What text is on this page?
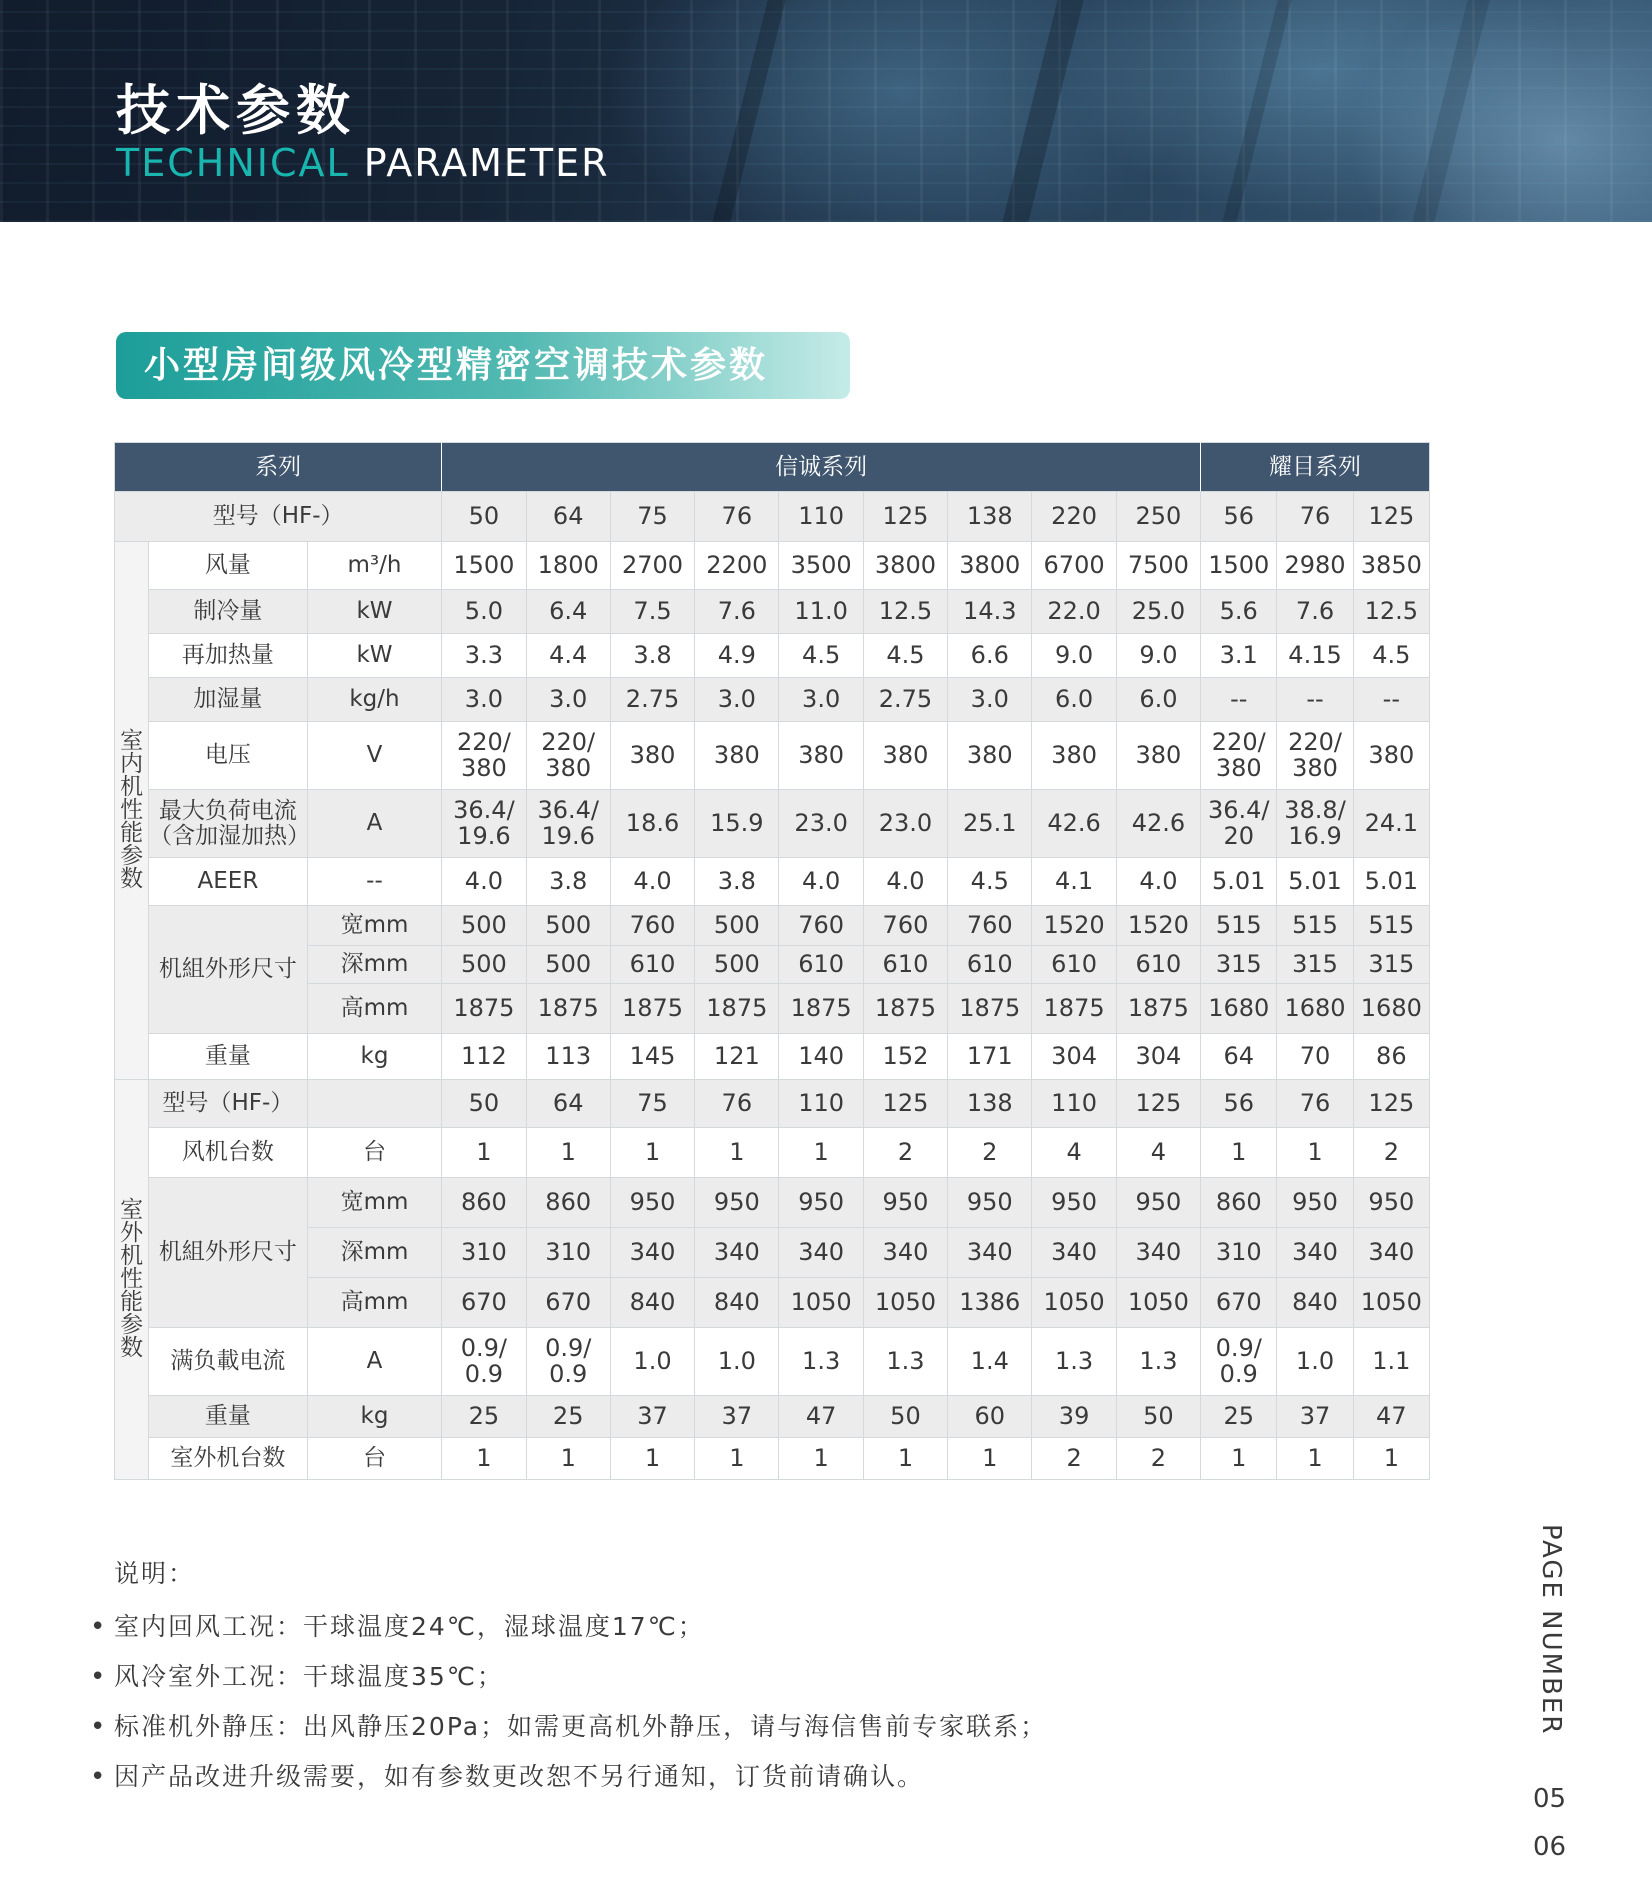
技术参数
TECHNICAL PARAMETER
小型房间级风冷型精密空调技术参数
系列			信诚系列									耀目系列		
型号（HF-）			50	64	75	76	110	125	138	220	250	56	76	125

室内机性能参数	风量	m³/h	1500	1800	2700	2200	3500	3800	3800	6700	7500	1500	2980	3850
	制冷量	kW	5.0	6.4	7.5	7.6	11.0	12.5	14.3	22.0	25.0	5.6	7.6	12.5
	再加热量	kW	3.3	4.4	3.8	4.9	4.5	4.5	6.6	9.0	9.0	3.1	4.15	4.5
	加湿量	kg/h	3.0	3.0	2.75	3.0	3.0	2.75	3.0	6.0	6.0	--	--	--
	电压	V	220/
380	220/
380	380	380	380	380	380	380	380	220/
380	220/
380	380
	最大负荷电流
（含加湿加热）	A	36.4/
19.6	36.4/
19.6	18.6	15.9	23.0	23.0	25.1	42.6	42.6	36.4/
20	38.8/
16.9	24.1
	AEER	--	4.0	3.8	4.0	3.8	4.0	4.0	4.5	4.1	4.0	5.01	5.01	5.01
	机組外形尺寸	宽mm	500	500	760	500	760	760	760	1520	1520	515	515	515
		深mm	500	500	610	500	610	610	610	610	610	315	315	315
		高mm	1875	1875	1875	1875	1875	1875	1875	1875	1875	1680	1680	1680
	重量	kg	112	113	145	121	140	152	171	304	304	64	70	86

室外机性能参数	型号（HF-）		50	64	75	76	110	125	138	110	125	56	76	125
	风机台数	台	1	1	1	1	1	2	2	4	4	1	1	2
	机組外形尺寸	宽mm	860	860	950	950	950	950	950	950	950	860	950	950
		深mm	310	310	340	340	340	340	340	340	340	310	340	340
		高mm	670	670	840	840	1050	1050	1386	1050	1050	670	840	1050
	满负載电流	A	0.9/
0.9	0.9/
0.9	1.0	1.0	1.3	1.3	1.4	1.3	1.3	0.9/
0.9	1.0	1.1
	重量	kg	25	25	37	37	47	50	60	39	50	25	37	47
	室外机台数	台	1	1	1	1	1	1	1	2	2	1	1	1
说明：
• 室内回风工况：干球温度24℃，湿球温度17℃；
• 风冷室外工况：干球温度35℃；
• 标准机外静压：出风静压20Pa；如需更高机外静压，请与海信售前专家联系；
• 因产品改进升级需要，如有参数更改恕不另行通知，订货前请确认。
PAGE NUMBER
05
06
